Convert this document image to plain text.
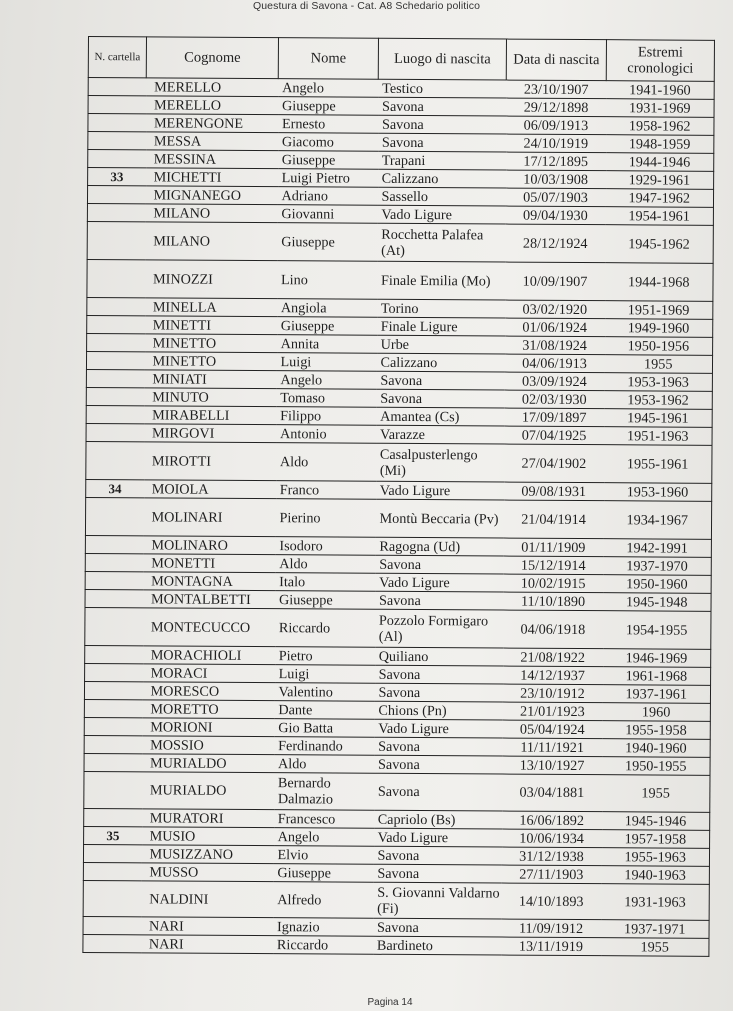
Questura di Savona - Cat. A8 Schedario politico
N. cartella	Cognome	Nome	Luogo di nascita	Data di nascita	Estremi cronologici
	MERELLO	Angelo	Testico	23/10/1907	1941-1960
	MERELLO	Giuseppe	Savona	29/12/1898	1931-1969
	MERENGONE	Ernesto	Savona	06/09/1913	1958-1962
	MESSA	Giacomo	Savona	24/10/1919	1948-1959
	MESSINA	Giuseppe	Trapani	17/12/1895	1944-1946
33	MICHETTI	Luigi Pietro	Calizzano	10/03/1908	1929-1961
	MIGNANEGO	Adriano	Sassello	05/07/1903	1947-1962
	MILANO	Giovanni	Vado Ligure	09/04/1930	1954-1961
	MILANO	Giuseppe	Rocchetta Palafea (At)	28/12/1924	1945-1962
	MINOZZI	Lino	Finale Emilia (Mo)	10/09/1907	1944-1968
	MINELLA	Angiola	Torino	03/02/1920	1951-1969
	MINETTI	Giuseppe	Finale Ligure	01/06/1924	1949-1960
	MINETTO	Annita	Urbe	31/08/1924	1950-1956
	MINETTO	Luigi	Calizzano	04/06/1913	1955
	MINIATI	Angelo	Savona	03/09/1924	1953-1963
	MINUTO	Tomaso	Savona	02/03/1930	1953-1962
	MIRABELLI	Filippo	Amantea (Cs)	17/09/1897	1945-1961
	MIRGOVI	Antonio	Varazze	07/04/1925	1951-1963
	MIROTTI	Aldo	Casalpusterlengo (Mi)	27/04/1902	1955-1961
34	MOIOLA	Franco	Vado Ligure	09/08/1931	1953-1960
	MOLINARI	Pierino	Montù Beccaria (Pv)	21/04/1914	1934-1967
	MOLINARO	Isodoro	Ragogna (Ud)	01/11/1909	1942-1991
	MONETTI	Aldo	Savona	15/12/1914	1937-1970
	MONTAGNA	Italo	Vado Ligure	10/02/1915	1950-1960
	MONTALBETTI	Giuseppe	Savona	11/10/1890	1945-1948
	MONTECUCCO	Riccardo	Pozzolo Formigaro (Al)	04/06/1918	1954-1955
	MORACHIOLI	Pietro	Quiliano	21/08/1922	1946-1969
	MORACI	Luigi	Savona	14/12/1937	1961-1968
	MORESCO	Valentino	Savona	23/10/1912	1937-1961
	MORETTO	Dante	Chions (Pn)	21/01/1923	1960
	MORIONI	Gio Batta	Vado Ligure	05/04/1924	1955-1958
	MOSSIO	Ferdinando	Savona	11/11/1921	1940-1960
	MURIALDO	Aldo	Savona	13/10/1927	1950-1955
	MURIALDO	Bernardo Dalmazio	Savona	03/04/1881	1955
	MURATORI	Francesco	Capriolo (Bs)	16/06/1892	1945-1946
35	MUSIO	Angelo	Vado Ligure	10/06/1934	1957-1958
	MUSIZZANO	Elvio	Savona	31/12/1938	1955-1963
	MUSSO	Giuseppe	Savona	27/11/1903	1940-1963
	NALDINI	Alfredo	S. Giovanni Valdarno (Fi)	14/10/1893	1931-1963
	NARI	Ignazio	Savona	11/09/1912	1937-1971
	NARI	Riccardo	Bardineto	13/11/1919	1955
Pagina 14
